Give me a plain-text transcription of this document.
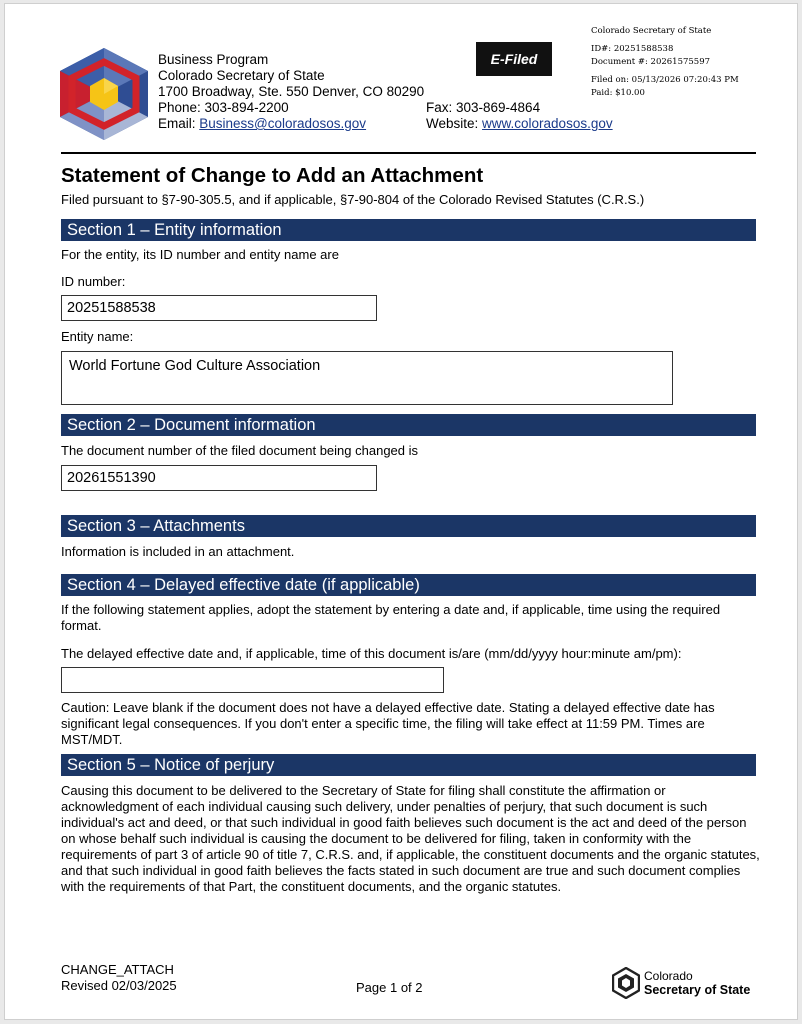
Business Program
Colorado Secretary of State
1700 Broadway, Ste. 550 Denver, CO 80290
Phone: 303-894-2200	Fax: 303-869-4864
Email: Business@coloradosos.gov	Website: www.coloradosos.gov
E-Filed
Colorado Secretary of State
ID#: 20251588538
Document #: 20261575597
Filed on: 05/13/2026 07:20:43 PM
Paid: $10.00
Statement of Change to Add an Attachment
Filed pursuant to §7-90-305.5, and if applicable, §7-90-804 of the Colorado Revised Statutes (C.R.S.)
Section 1 – Entity information
For the entity, its ID number and entity name are
ID number:
20251588538
Entity name:
World Fortune God Culture Association
Section 2 – Document information
The document number of the filed document being changed is
20261551390
Section 3 – Attachments
Information is included in an attachment.
Section 4 – Delayed effective date (if applicable)
If the following statement applies, adopt the statement by entering a date and, if applicable, time using the required format.
The delayed effective date and, if applicable, time of this document is/are (mm/dd/yyyy hour:minute am/pm):
Caution: Leave blank if the document does not have a delayed effective date. Stating a delayed effective date has significant legal consequences. If you don't enter a specific time, the filing will take effect at 11:59 PM. Times are MST/MDT.
Section 5 – Notice of perjury
Causing this document to be delivered to the Secretary of State for filing shall constitute the affirmation or acknowledgment of each individual causing such delivery, under penalties of perjury, that such document is such individual's act and deed, or that such individual in good faith believes such document is the act and deed of the person on whose behalf such individual is causing the document to be delivered for filing, taken in conformity with the requirements of part 3 of article 90 of title 7, C.R.S. and, if applicable, the constituent documents and the organic statutes, and that such individual in good faith believes the facts stated in such document are true and such document complies with the requirements of that Part, the constituent documents, and the organic statutes.
CHANGE_ATTACH
Revised 02/03/2025	Page 1 of 2
Colorado
Secretary of State
